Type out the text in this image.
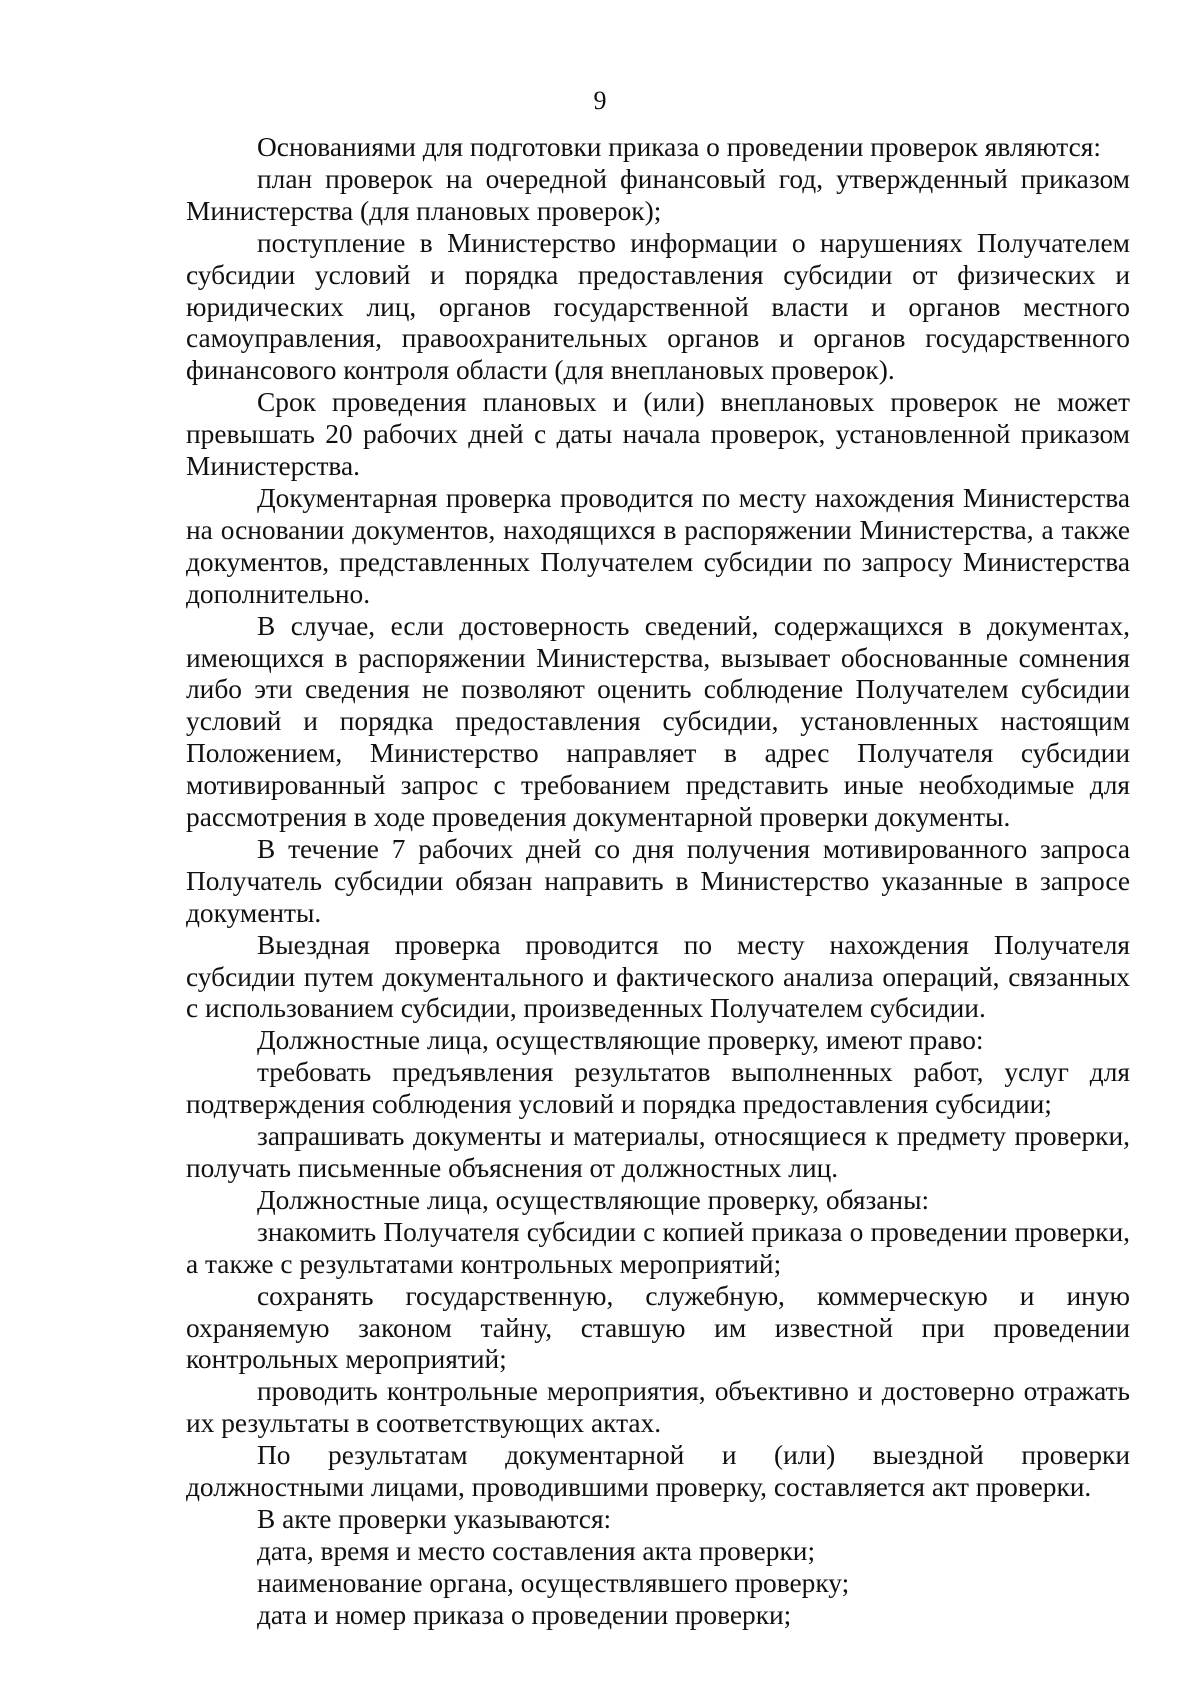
9

Основаниями для подготовки приказа о проведении проверок являются:

план проверок на очередной финансовый год, утвержденный приказом Министерства (для плановых проверок);

поступление в Министерство информации о нарушениях Получателем субсидии условий и порядка предоставления субсидии от физических и юридических лиц, органов государственной власти и органов местного самоуправления, правоохранительных органов и органов государственного финансового контроля области (для внеплановых проверок).

Срок проведения плановых и (или) внеплановых проверок не может превышать 20 рабочих дней с даты начала проверок, установленной приказом Министерства.

Документарная проверка проводится по месту нахождения Министерства на основании документов, находящихся в распоряжении Министерства, а также документов, представленных Получателем субсидии по запросу Министерства дополнительно.

В случае, если достоверность сведений, содержащихся в документах, имеющихся в распоряжении Министерства, вызывает обоснованные сомнения либо эти сведения не позволяют оценить соблюдение Получателем субсидии условий и порядка предоставления субсидии, установленных настоящим Положением, Министерство направляет в адрес Получателя субсидии мотивированный запрос с требованием представить иные необходимые для рассмотрения в ходе проведения документарной проверки документы.

В течение 7 рабочих дней со дня получения мотивированного запроса Получатель субсидии обязан направить в Министерство указанные в запросе документы.

Выездная проверка проводится по месту нахождения Получателя субсидии путем документального и фактического анализа операций, связанных с использованием субсидии, произведенных Получателем субсидии.

Должностные лица, осуществляющие проверку, имеют право:

требовать предъявления результатов выполненных работ, услуг для подтверждения соблюдения условий и порядка предоставления субсидии;

запрашивать документы и материалы, относящиеся к предмету проверки, получать письменные объяснения от должностных лиц.

Должностные лица, осуществляющие проверку, обязаны:

знакомить Получателя субсидии с копией приказа о проведении проверки, а также с результатами контрольных мероприятий;

сохранять государственную, служебную, коммерческую и иную охраняемую законом тайну, ставшую им известной при проведении контрольных мероприятий;

проводить контрольные мероприятия, объективно и достоверно отражать их результаты в соответствующих актах.

По результатам документарной и (или) выездной проверки должностными лицами, проводившими проверку, составляется акт проверки.

В акте проверки указываются:

дата, время и место составления акта проверки;

наименование органа, осуществлявшего проверку;

дата и номер приказа о проведении проверки;
